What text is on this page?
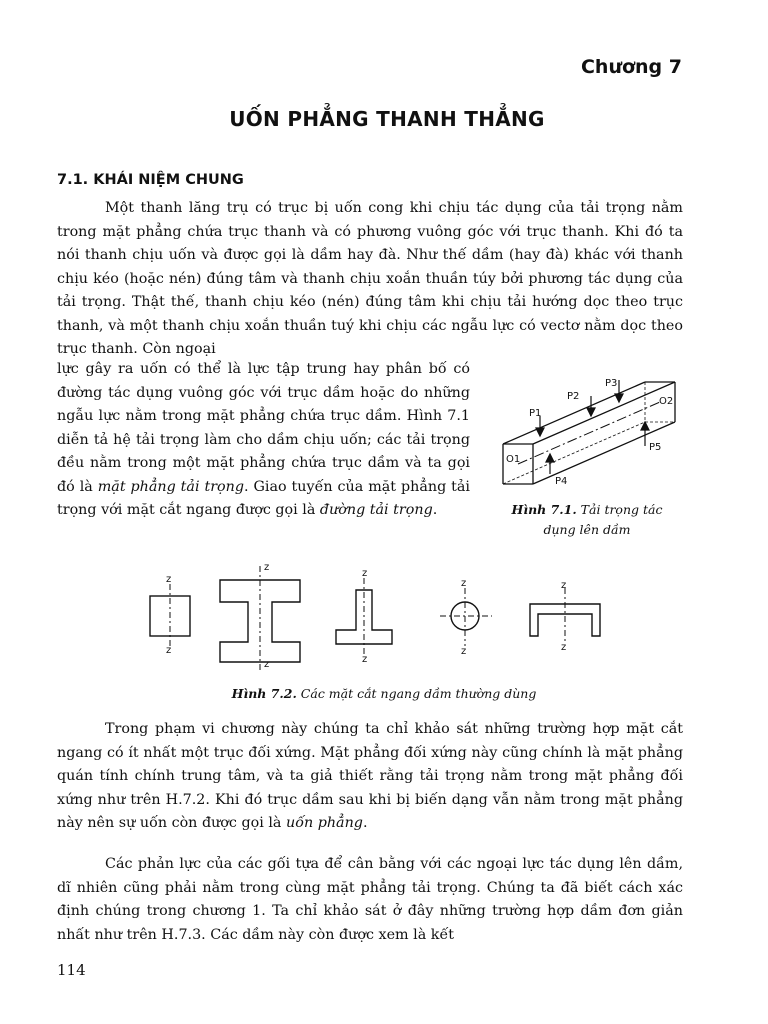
Chương 7
UỐN PHẲNG THANH THẲNG
7.1. KHÁI NIỆM CHUNG

Một thanh lăng trụ có trục bị uốn cong khi chịu tác dụng của tải trọng nằm trong mặt phẳng chứa trục thanh và có phương vuông góc với trục thanh. Khi đó ta nói thanh chịu uốn và được gọi là dầm hay đà. Như thế dầm (hay đà) khác với thanh chịu kéo (hoặc nén) đúng tâm và thanh chịu xoắn thuần túy bởi phương tác dụng của tải trọng. Thật thế, thanh chịu kéo (nén) đúng tâm khi chịu tải hướng dọc theo trục thanh, và một thanh chịu xoắn thuần tuý khi chịu các ngẫu lực có vectơ nằm dọc theo trục thanh. Còn ngoại

lực gây ra uốn có thể là lực tập trung hay phân bố có đường tác dụng vuông góc với trục dầm hoặc do những ngẫu lực nằm trong mặt phẳng chứa trục dầm. Hình 7.1 diễn tả hệ tải trọng làm cho dầm chịu uốn; các tải trọng đều nằm trong một mặt phẳng chứa trục dầm và ta gọi đó là mặt phẳng tải trọng. Giao tuyến của mặt phẳng tải trọng với mặt cắt ngang được gọi là đường tải trọng.

P3
P2	O2
P1
P5
O1
P4
Hình 7.1. Tải trọng tác dụng lên dầm
z
z
z
z
z
z
z
z
z
z
Hình 7.2. Các mặt cắt ngang dầm thường dùng

Trong phạm vi chương này chúng ta chỉ khảo sát những trường hợp mặt cắt ngang có ít nhất một trục đối xứng. Mặt phẳng đối xứng này cũng chính là mặt phẳng quán tính chính trung tâm, và ta giả thiết rằng tải trọng nằm trong mặt phẳng đối xứng như trên H.7.2. Khi đó trục dầm sau khi bị biến dạng vẫn nằm trong mặt phẳng này nên sự uốn còn được gọi là uốn phẳng.

Các phản lực của các gối tựa để cân bằng với các ngoại lực tác dụng lên dầm, dĩ nhiên cũng phải nằm trong cùng mặt phẳng tải trọng. Chúng ta đã biết cách xác định chúng trong chương 1. Ta chỉ khảo sát ở đây những trường hợp dầm đơn giản nhất như trên H.7.3. Các dầm này còn được xem là kết

114
